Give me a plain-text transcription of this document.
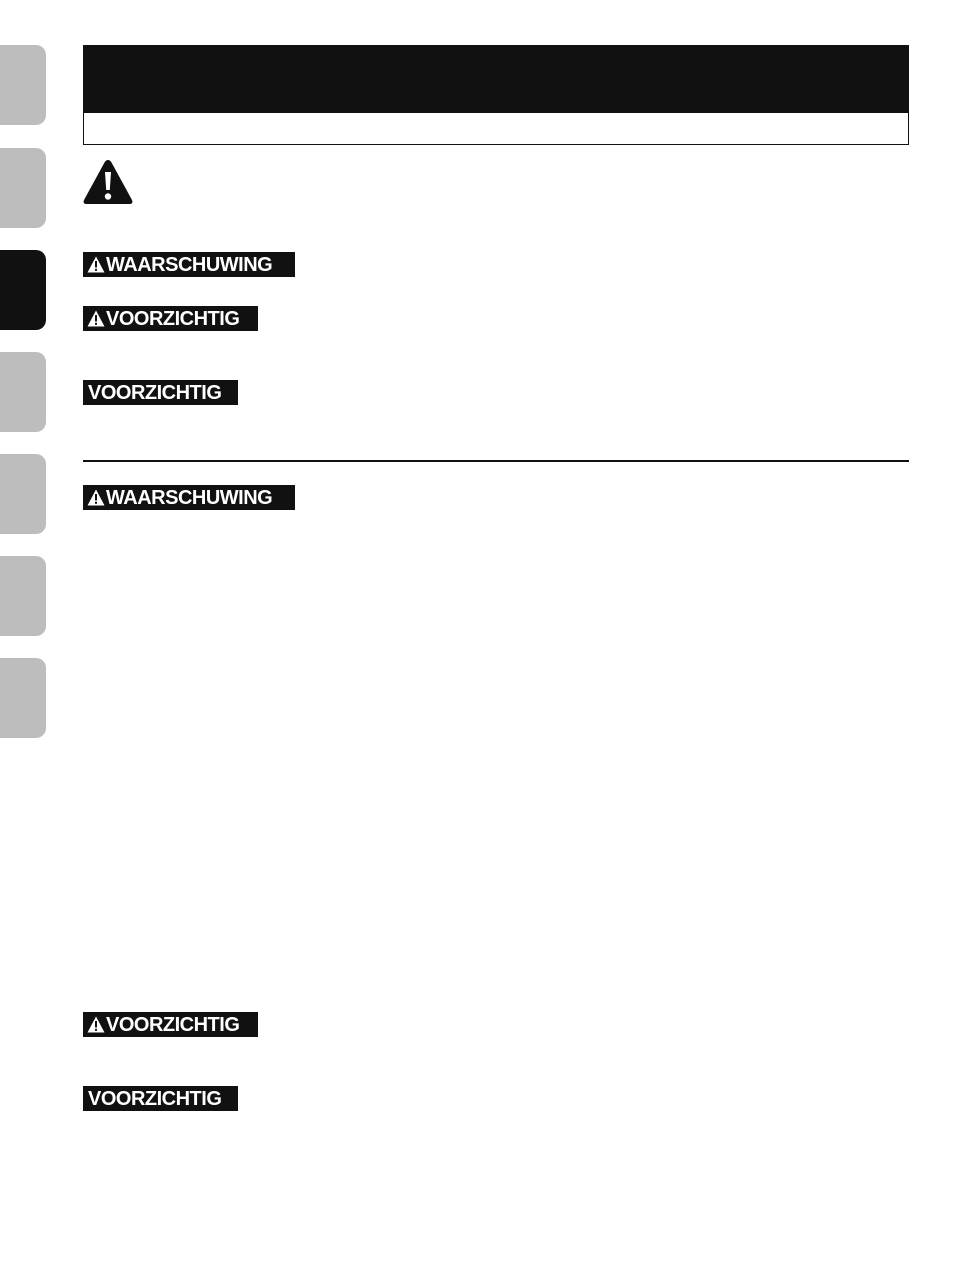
WAARSCHUWING
VOORZICHTIG
VOORZICHTIG
WAARSCHUWING
VOORZICHTIG
VOORZICHTIG
